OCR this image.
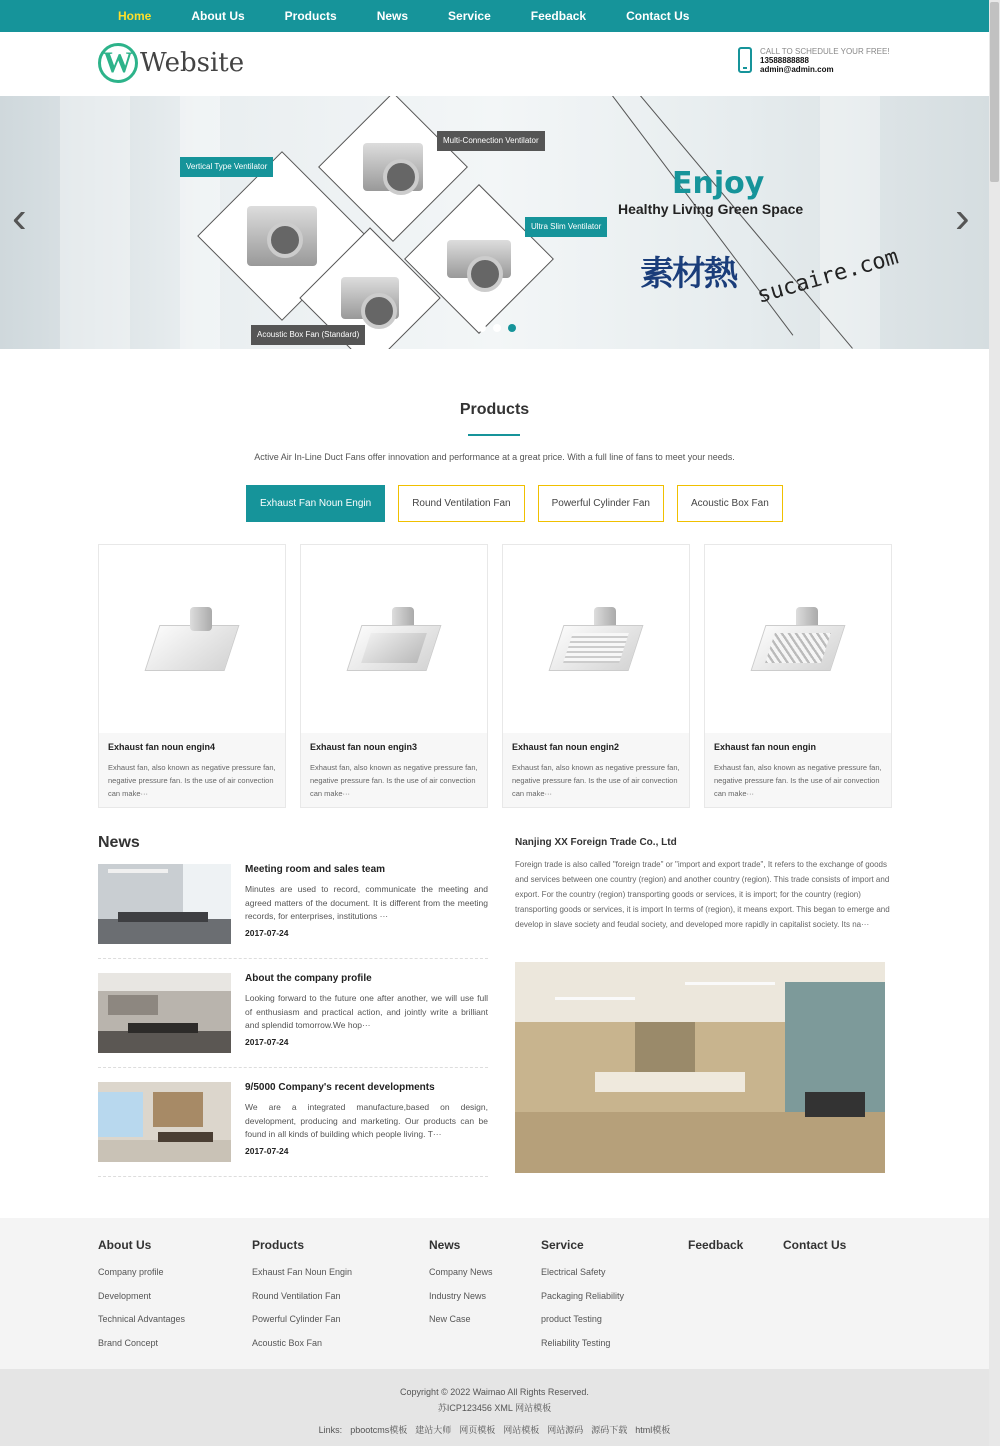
Home	About Us	Products	News	Service	Feedback	Contact Us
W Website	CALL TO SCHEDULE YOUR FREE!
13588888888
admin@admin.com
‹	›
Vertical Type Ventilator
Multi-Connection Ventilator
Ultra Slim Ventilator
Acoustic Box Fan (Standard)
Enjoy
Healthy Living Green Space
素材熱 sucaire.com
Products
Active Air In-Line Duct Fans offer innovation and performance at a great price. With a full line of fans to meet your needs.
Exhaust Fan Noun Engin	Round Ventilation Fan	Powerful Cylinder Fan	Acoustic Box Fan
Exhaust fan noun engin4
Exhaust fan, also known as negative pressure fan, negative pressure fan. Is the use of air convection can make···
Exhaust fan noun engin3
Exhaust fan, also known as negative pressure fan, negative pressure fan. Is the use of air convection can make···
Exhaust fan noun engin2
Exhaust fan, also known as negative pressure fan, negative pressure fan. Is the use of air convection can make···
Exhaust fan noun engin
Exhaust fan, also known as negative pressure fan, negative pressure fan. Is the use of air convection can make···
News
Meeting room and sales team
Minutes are used to record, communicate the meeting and agreed matters of the document. It is different from the meeting records, for enterprises, institutions ···
2017-07-24
About the company profile
Looking forward to the future one after another, we will use full of enthusiasm and practical action, and jointly write a brilliant and splendid tomorrow.We hop···
2017-07-24
9/5000 Company's recent developments
We are a integrated manufacture,based on design, development, producing and marketing. Our products can be found in all kinds of building which people living. T···
2017-07-24
Nanjing XX Foreign Trade Co., Ltd
Foreign trade is also called "foreign trade" or "import and export trade", It refers to the exchange of goods and services between one country (region) and another country (region). This trade consists of import and export. For the country (region) transporting goods or services, it is import; for the country (region) transporting goods or services, it is import In terms of (region), it means export. This began to emerge and develop in slave society and feudal society, and developed more rapidly in capitalist society. Its na···
About Us
Company profile
Development
Technical Advantages
Brand Concept
Products
Exhaust Fan Noun Engin
Round Ventilation Fan
Powerful Cylinder Fan
Acoustic Box Fan
News
Company News
Industry News
New Case
Service
Electrical Safety
Packaging Reliability
product Testing
Reliability Testing
Feedback	Contact Us
Copyright © 2022 Waimao All Rights Reserved.
苏ICP123456 XML 网站模板
Links: pbootcms模板 建站大师 网页模板 网站模板 网站源码 源码下载 html模板
